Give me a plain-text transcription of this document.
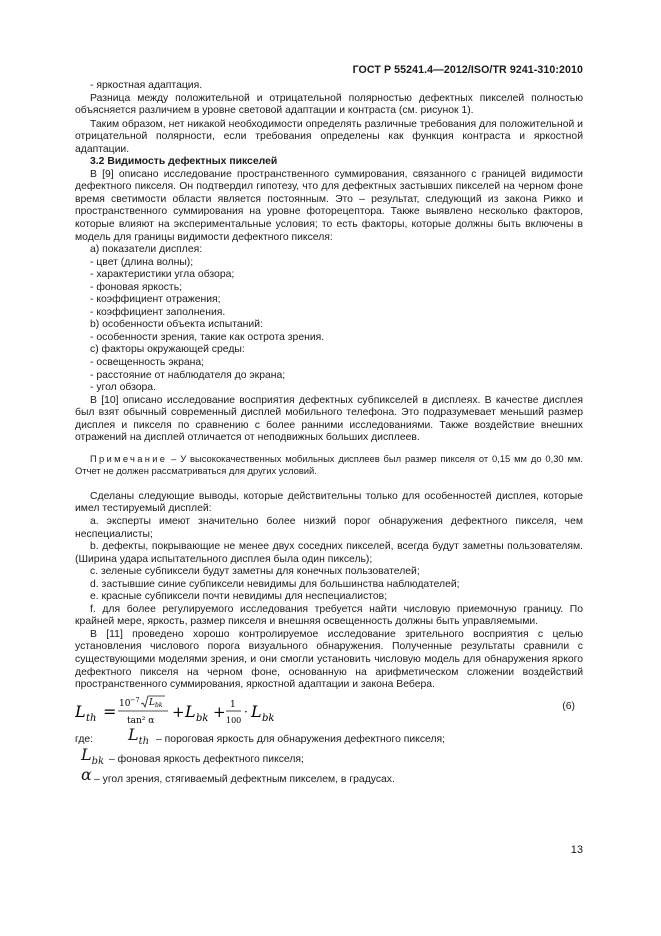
ГОСТ Р 55241.4—2012/ISO/TR 9241-310:2010

- яркостная адаптация.

Разница между положительной и отрицательной полярностью дефектных пикселей полностью объясняется различием в уровне световой адаптации и контраста (см. рисунок 1).

Таким образом, нет никакой необходимости определять различные требования для положительной и отрицательной полярности, если требования определены как функция контраста и яркостной адаптации.

3.2 Видимость дефектных пикселей

В [9] описано исследование пространственного суммирования, связанного с границей видимости дефектного пикселя. Он подтвердил гипотезу, что для дефектных застывших пикселей на черном фоне время светимости области является постоянным. Это – результат, следующий из закона Рикко и пространственного суммирования на уровне фоторецептора. Также выявлено несколько факторов, которые влияют на экспериментальные условия; то есть факторы, которые должны быть включены в модель для границы видимости дефектного пикселя:

a) показатели дисплея:

- цвет (длина волны);

- характеристики угла обзора;

- фоновая яркость;

- коэффициент отражения;

- коэффициент заполнения.

b) особенности объекта испытаний:

- особенности зрения, такие как острота зрения.

c) факторы окружающей среды:

- освещенность экрана;

- расстояние от наблюдателя до экрана;

- угол обзора.

В [10] описано исследование восприятия дефектных субпикселей в дисплеях. В качестве дисплея был взят обычный современный дисплей мобильного телефона. Это подразумевает меньший размер дисплея и пикселя по сравнению с более ранними исследованиями. Также воздействие внешних отражений на дисплей отличается от неподвижных больших дисплеев.

Примечание – У высококачественных мобильных дисплеев был размер пикселя от 0,15 мм до 0,30 мм. Отчет не должен рассматриваться для других условий.

Сделаны следующие выводы, которые действительны только для особенностей дисплея, которые имел тестируемый дисплей:

a. эксперты имеют значительно более низкий порог обнаружения дефектного пикселя, чем неспециалисты;

b. дефекты, покрывающие не менее двух соседних пикселей, всегда будут заметны пользователям. (Ширина удара испытательного дисплея была один пиксель);

c. зеленые субпиксели будут заметны для конечных пользователей;

d. застывшие синие субпиксели невидимы для большинства наблюдателей;

e. красные субпиксели почти невидимы для неспециалистов;

f. для более регулируемого исследования требуется найти числовую приемочную границу. По крайней мере, яркость, размер пикселя и внешняя освещенность должны быть управляемыми.

В [11] проведено хорошо контролируемое исследование зрительного восприятия с целью установления числового порога визуального обнаружения. Полученные результаты сравнили с существующими моделями зрения, и они смогли установить числовую модель для обнаружения яркого дефектного пикселя на черном фоне, основанную на арифметическом сложении воздействий пространственного суммирования, яркостной адаптации и закона Вебера.

L th = 10 −7 L bk
tan² α + L bk + 1
100
· L bk
(6)
где: $L_{th}$ – пороговая яркость для обнаружения дефектного пикселя;
$L_{bk}$ – фоновая яркость дефектного пикселя;
α – угол зрения, стягиваемый дефектным пикселем, в градусах.
13
